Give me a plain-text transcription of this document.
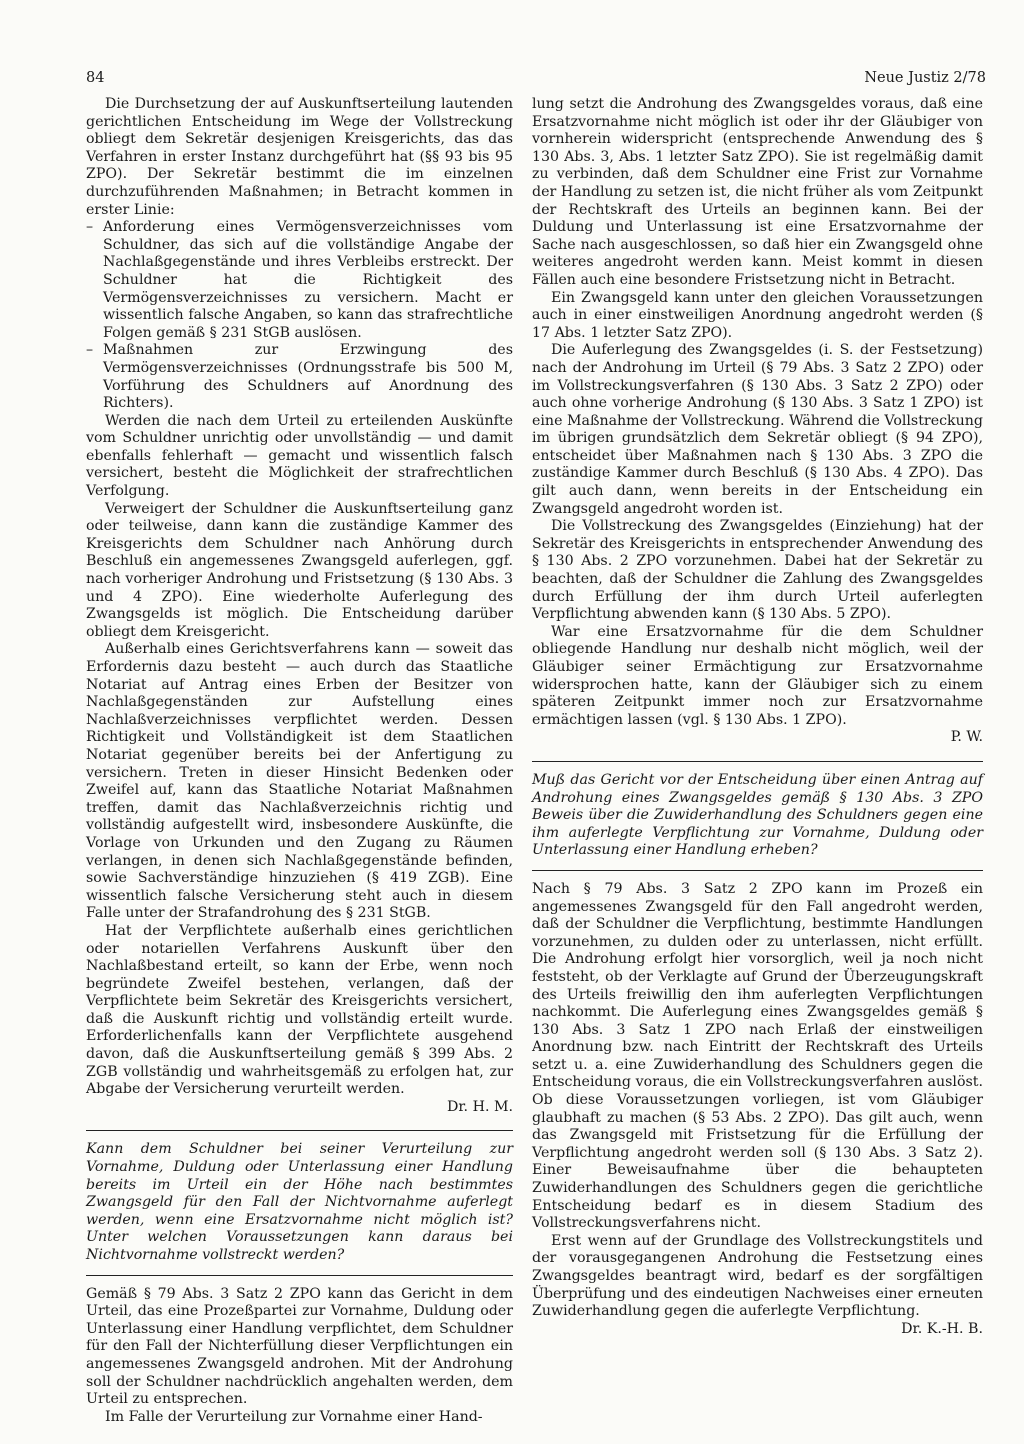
84	Neue Justiz 2/78

Die Durchsetzung der auf Auskunftserteilung lautenden gerichtlichen Entscheidung im Wege der Vollstreckung obliegt dem Sekretär desjenigen Kreisgerichts, das das Verfahren in erster Instanz durchgeführt hat (§§ 93 bis 95 ZPO). Der Sekretär bestimmt die im einzelnen durchzuführenden Maßnahmen; in Betracht kommen in erster Linie:

– Anforderung eines Vermögensverzeichnisses vom Schuldner, das sich auf die vollständige Angabe der Nachlaßgegenstände und ihres Verbleibs erstreckt. Der Schuldner hat die Richtigkeit des Vermögensverzeichnisses zu versichern. Macht er wissentlich falsche Angaben, so kann das strafrechtliche Folgen gemäß § 231 StGB auslösen.
– Maßnahmen zur Erzwingung des Vermögensverzeichnisses (Ordnungsstrafe bis 500 M, Vorführung des Schuldners auf Anordnung des Richters).

Werden die nach dem Urteil zu erteilenden Auskünfte vom Schuldner unrichtig oder unvollständig — und damit ebenfalls fehlerhaft — gemacht und wissentlich falsch versichert, besteht die Möglichkeit der strafrechtlichen Verfolgung.

Verweigert der Schuldner die Auskunftserteilung ganz oder teilweise, dann kann die zuständige Kammer des Kreisgerichts dem Schuldner nach Anhörung durch Beschluß ein angemessenes Zwangsgeld auferlegen, ggf. nach vorheriger Androhung und Fristsetzung (§ 130 Abs. 3 und 4 ZPO). Eine wiederholte Auferlegung des Zwangsgelds ist möglich. Die Entscheidung darüber obliegt dem Kreisgericht.

Außerhalb eines Gerichtsverfahrens kann — soweit das Erfordernis dazu besteht — auch durch das Staatliche Notariat auf Antrag eines Erben der Besitzer von Nachlaßgegenständen zur Aufstellung eines Nachlaßverzeichnisses verpflichtet werden. Dessen Richtigkeit und Vollständigkeit ist dem Staatlichen Notariat gegenüber bereits bei der Anfertigung zu versichern. Treten in dieser Hinsicht Bedenken oder Zweifel auf, kann das Staatliche Notariat Maßnahmen treffen, damit das Nachlaßverzeichnis richtig und vollständig aufgestellt wird, insbesondere Auskünfte, die Vorlage von Urkunden und den Zugang zu Räumen verlangen, in denen sich Nachlaßgegenstände befinden, sowie Sachverständige hinzuziehen (§ 419 ZGB). Eine wissentlich falsche Versicherung steht auch in diesem Falle unter der Strafandrohung des § 231 StGB.

Hat der Verpflichtete außerhalb eines gerichtlichen oder notariellen Verfahrens Auskunft über den Nachlaßbestand erteilt, so kann der Erbe, wenn noch begründete Zweifel bestehen, verlangen, daß der Verpflichtete beim Sekretär des Kreisgerichts versichert, daß die Auskunft richtig und vollständig erteilt wurde. Erforderlichenfalls kann der Verpflichtete ausgehend davon, daß die Auskunftserteilung gemäß § 399 Abs. 2 ZGB vollständig und wahrheitsgemäß zu erfolgen hat, zur Abgabe der Versicherung verurteilt werden.

Dr. H. M.

Kann dem Schuldner bei seiner Verurteilung zur Vornahme, Duldung oder Unterlassung einer Handlung bereits im Urteil ein der Höhe nach bestimmtes Zwangsgeld für den Fall der Nichtvornahme auferlegt werden, wenn eine Ersatzvornahme nicht möglich ist? Unter welchen Voraussetzungen kann daraus bei Nichtvornahme vollstreckt werden?

Gemäß § 79 Abs. 3 Satz 2 ZPO kann das Gericht in dem Urteil, das eine Prozeßpartei zur Vornahme, Duldung oder Unterlassung einer Handlung verpflichtet, dem Schuldner für den Fall der Nichterfüllung dieser Verpflichtungen ein angemessenes Zwangsgeld androhen. Mit der Androhung soll der Schuldner nachdrücklich angehalten werden, dem Urteil zu entsprechen.

Im Falle der Verurteilung zur Vornahme einer Hand-

lung setzt die Androhung des Zwangsgeldes voraus, daß eine Ersatzvornahme nicht möglich ist oder ihr der Gläubiger von vornherein widerspricht (entsprechende Anwendung des § 130 Abs. 3, Abs. 1 letzter Satz ZPO). Sie ist regelmäßig damit zu verbinden, daß dem Schuldner eine Frist zur Vornahme der Handlung zu setzen ist, die nicht früher als vom Zeitpunkt der Rechtskraft des Urteils an beginnen kann. Bei der Duldung und Unterlassung ist eine Ersatzvornahme der Sache nach ausgeschlossen, so daß hier ein Zwangsgeld ohne weiteres angedroht werden kann. Meist kommt in diesen Fällen auch eine besondere Fristsetzung nicht in Betracht.

Ein Zwangsgeld kann unter den gleichen Voraussetzungen auch in einer einstweiligen Anordnung angedroht werden (§ 17 Abs. 1 letzter Satz ZPO).

Die Auferlegung des Zwangsgeldes (i. S. der Festsetzung) nach der Androhung im Urteil (§ 79 Abs. 3 Satz 2 ZPO) oder im Vollstreckungsverfahren (§ 130 Abs. 3 Satz 2 ZPO) oder auch ohne vorherige Androhung (§ 130 Abs. 3 Satz 1 ZPO) ist eine Maßnahme der Vollstreckung. Während die Vollstreckung im übrigen grundsätzlich dem Sekretär obliegt (§ 94 ZPO), entscheidet über Maßnahmen nach § 130 Abs. 3 ZPO die zuständige Kammer durch Beschluß (§ 130 Abs. 4 ZPO). Das gilt auch dann, wenn bereits in der Entscheidung ein Zwangsgeld angedroht worden ist.

Die Vollstreckung des Zwangsgeldes (Einziehung) hat der Sekretär des Kreisgerichts in entsprechender Anwendung des § 130 Abs. 2 ZPO vorzunehmen. Dabei hat der Sekretär zu beachten, daß der Schuldner die Zahlung des Zwangsgeldes durch Erfüllung der ihm durch Urteil auferlegten Verpflichtung abwenden kann (§ 130 Abs. 5 ZPO).

War eine Ersatzvornahme für die dem Schuldner obliegende Handlung nur deshalb nicht möglich, weil der Gläubiger seiner Ermächtigung zur Ersatzvornahme widersprochen hatte, kann der Gläubiger sich zu einem späteren Zeitpunkt immer noch zur Ersatzvornahme ermächtigen lassen (vgl. § 130 Abs. 1 ZPO).

P. W.

Muß das Gericht vor der Entscheidung über einen Antrag auf Androhung eines Zwangsgeldes gemäß § 130 Abs. 3 ZPO Beweis über die Zuwiderhandlung des Schuldners gegen eine ihm auferlegte Verpflichtung zur Vornahme, Duldung oder Unterlassung einer Handlung erheben?

Nach § 79 Abs. 3 Satz 2 ZPO kann im Prozeß ein angemessenes Zwangsgeld für den Fall angedroht werden, daß der Schuldner die Verpflichtung, bestimmte Handlungen vorzunehmen, zu dulden oder zu unterlassen, nicht erfüllt. Die Androhung erfolgt hier vorsorglich, weil ja noch nicht feststeht, ob der Verklagte auf Grund der Überzeugungskraft des Urteils freiwillig den ihm auferlegten Verpflichtungen nachkommt. Die Auferlegung eines Zwangsgeldes gemäß § 130 Abs. 3 Satz 1 ZPO nach Erlaß der einstweiligen Anordnung bzw. nach Eintritt der Rechtskraft des Urteils setzt u. a. eine Zuwiderhandlung des Schuldners gegen die Entscheidung voraus, die ein Vollstreckungsverfahren auslöst. Ob diese Voraussetzungen vorliegen, ist vom Gläubiger glaubhaft zu machen (§ 53 Abs. 2 ZPO). Das gilt auch, wenn das Zwangsgeld mit Fristsetzung für die Erfüllung der Verpflichtung angedroht werden soll (§ 130 Abs. 3 Satz 2). Einer Beweisaufnahme über die behaupteten Zuwiderhandlungen des Schuldners gegen die gerichtliche Entscheidung bedarf es in diesem Stadium des Vollstreckungsverfahrens nicht.

Erst wenn auf der Grundlage des Vollstreckungstitels und der vorausgegangenen Androhung die Festsetzung eines Zwangsgeldes beantragt wird, bedarf es der sorgfältigen Überprüfung und des eindeutigen Nachweises einer erneuten Zuwiderhandlung gegen die auferlegte Verpflichtung.

Dr. K.-H. B.
